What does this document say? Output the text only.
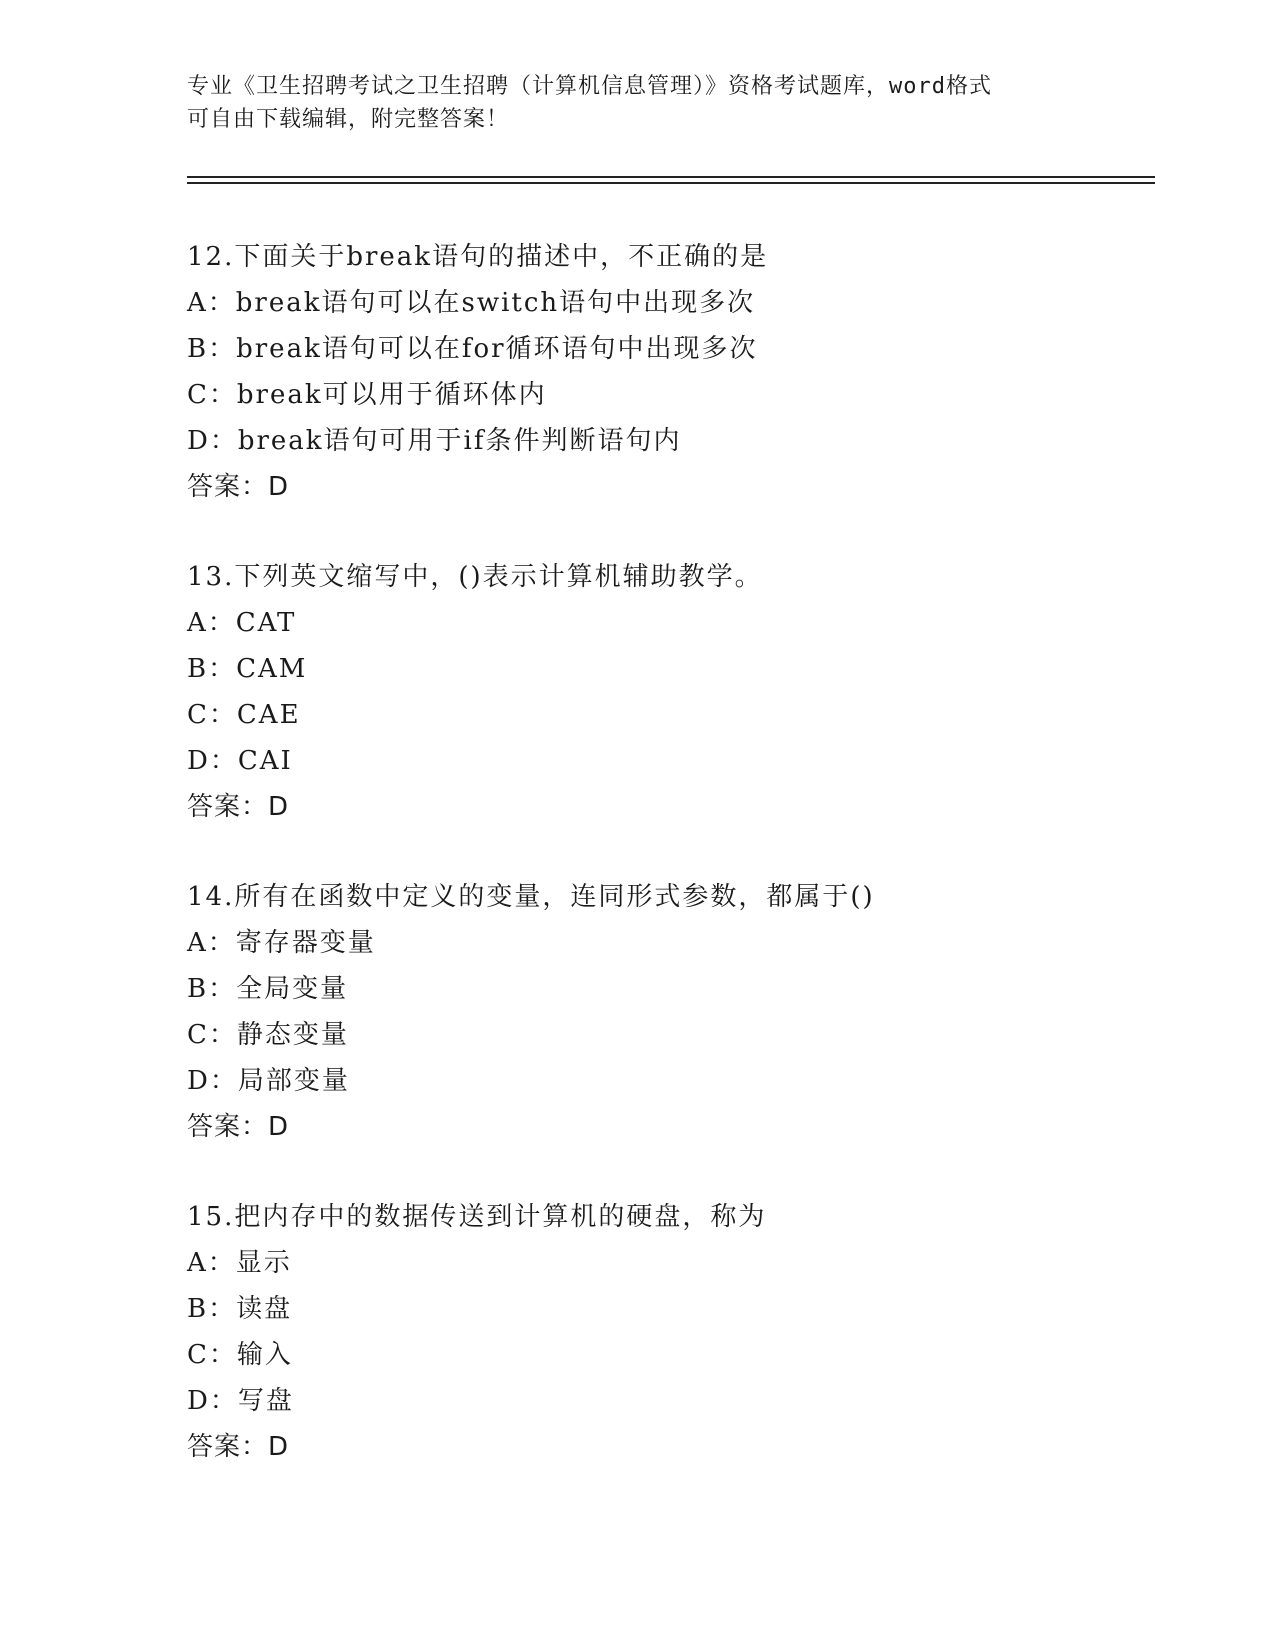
专业《卫生招聘考试之卫生招聘（计算机信息管理）》资格考试题库，word格式
可自由下载编辑，附完整答案！
12.下面关于break语句的描述中，不正确的是
A：break语句可以在switch语句中出现多次
B：break语句可以在for循环语句中出现多次
C：break可以用于循环体内
D：break语句可用于if条件判断语句内
答案：D
13.下列英文缩写中，()表示计算机辅助教学。
A：CAT
B：CAM
C：CAE
D：CAI
答案：D
14.所有在函数中定义的变量，连同形式参数，都属于()
A：寄存器变量
B：全局变量
C：静态变量
D：局部变量
答案：D
15.把内存中的数据传送到计算机的硬盘，称为
A：显示
B：读盘
C：输入
D：写盘
答案：D
